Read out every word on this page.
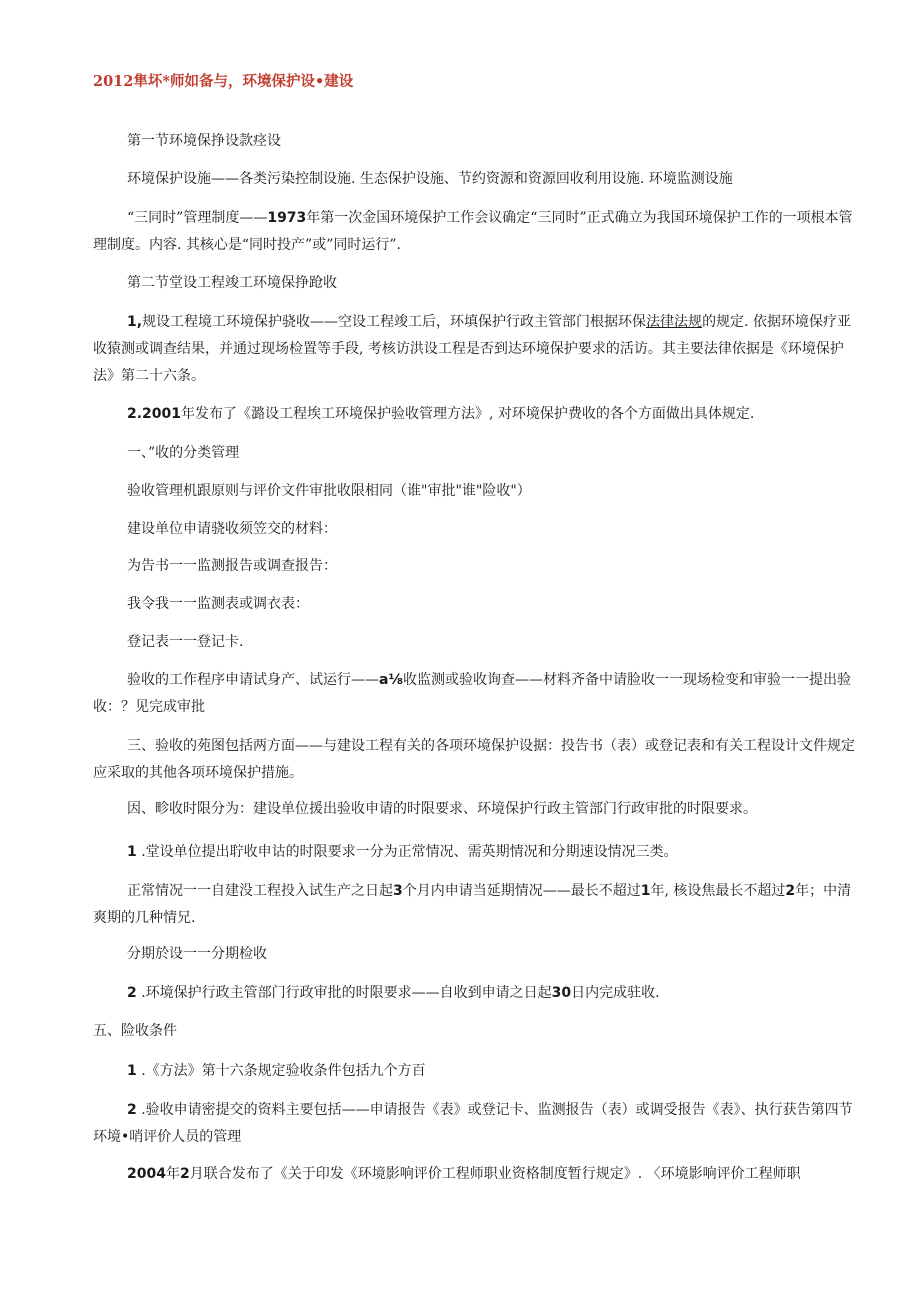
2012隼坏*师如备与，环境保护设•建设
第一节环境保挣设款痉设
环境保护设施——各类污染控制设施. 生态保护设施、节约资源和资源回收利用设施. 环境监测设施
“三同时”管理制度——1973年第一次金国环境保护工作会议确定“三同时”正式确立为我国环境保护工作的一项根本管理制度。内容. 其核心是“同时投产”或”同时运行”.
第二节堂设工程竣工环境保挣跄收
1,规设工程境工环境保护骁收——空设工程竣工后，环填保护行政主管部门根据环保法律法规的规定. 依据环境保疗亚收猿测或调查结果，并通过现场检置等手段, 考核访洪设工程是否到达环境保护要求的活访。其主要法律依据是《环境保护法》第二十六条。
2.2001年发布了《潞设工程埃工环境保护验收管理方法》, 对环境保护费收的各个方面做出具体规定.
一、”收的分类管理
验收管理机跟原则与评价文件审批收限相同（谁"审批"谁"险收"）
建设单位申请骁收须笠交的材料：
为告书一一监测报告或调查报告：
我令我一一监测表或调衣表：
登记表一一登记卡.
验收的工作程序申请试身产、试运行——a⅛收监测或验收询查——材料齐备中请脸收一一现场检变和审验一一提出验收：？见完成审批
三、验收的苑图包括两方面——与建设工程有关的各项环境保护设据：投告书（表）或登记表和有关工程设计文件规定应采取的其他各项环境保护措施。
因、畛收时限分为：建设单位援出验收申请的时限要求、环境保护行政主管部门行政审批的时限要求。
1 .堂设单位提出聍收申诂的时限要求一分为正常情况、需英期情况和分期速设情况三类。
正常情况一一自建没工程投入试生产之日起3个月内申请当延期情况——最长不超过1年, 核设焦最长不超过2年；中清爽期的几种情兄.
分期於设一一分期检收
2 .环境保护行政主管部门行政审批的时限要求——自收到申请之日起30日内完成驻收.
五、险收条件
1 .《方法》第十六条规定验收条件包括九个方百
2 .验收申请密提交的资料主要包括——申请报告《表》或登记卡、监测报告（表）或调受报告《表》、执行获告第四节环境•哨评价人员的管理
2004年2月联合发布了《关于印发《环境影响评价工程师职业资格制度暂行规定》. 〈环境影响评价工程师职
